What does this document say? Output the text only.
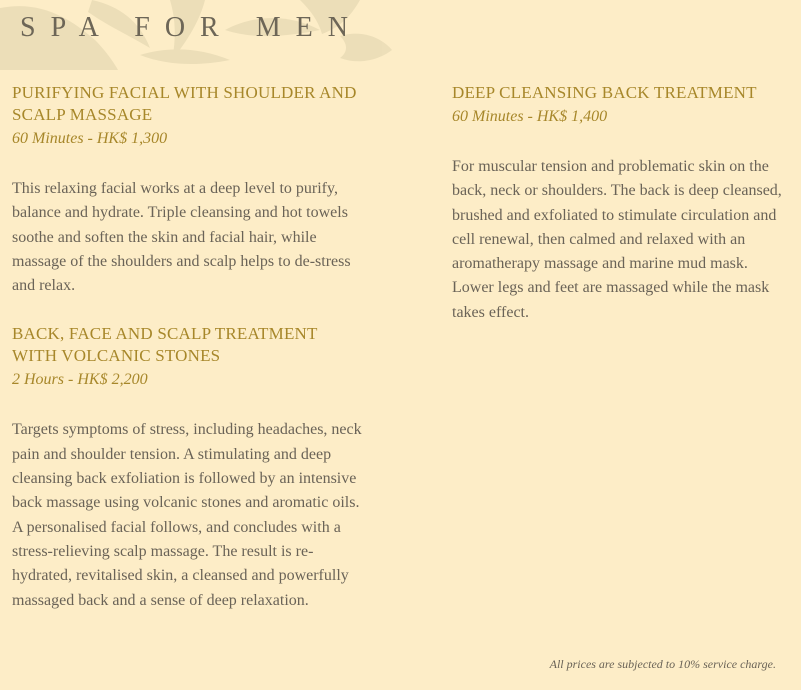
SPA FOR MEN
PURIFYING FACIAL WITH SHOULDER AND SCALP MASSAGE

60 Minutes - HK$ 1,300

This relaxing facial works at a deep level to purify, balance and hydrate. Triple cleansing and hot towels soothe and soften the skin and facial hair, while massage of the shoulders and scalp helps to de-stress and relax.

BACK, FACE AND SCALP TREATMENT WITH VOLCANIC STONES

2 Hours - HK$ 2,200

Targets symptoms of stress, including headaches, neck pain and shoulder tension. A stimulating and deep cleansing back exfoliation is followed by an intensive back massage using volcanic stones and aromatic oils. A personalised facial follows, and concludes with a stress-relieving scalp massage. The result is re-hydrated, revitalised skin, a cleansed and powerfully massaged back and a sense of deep relaxation.

DEEP CLEANSING BACK TREATMENT

60 Minutes - HK$ 1,400

For muscular tension and problematic skin on the back, neck or shoulders. The back is deep cleansed, brushed and exfoliated to stimulate circulation and cell renewal, then calmed and relaxed with an aromatherapy massage and marine mud mask. Lower legs and feet are massaged while the mask takes effect.

All prices are subjected to 10% service charge.
